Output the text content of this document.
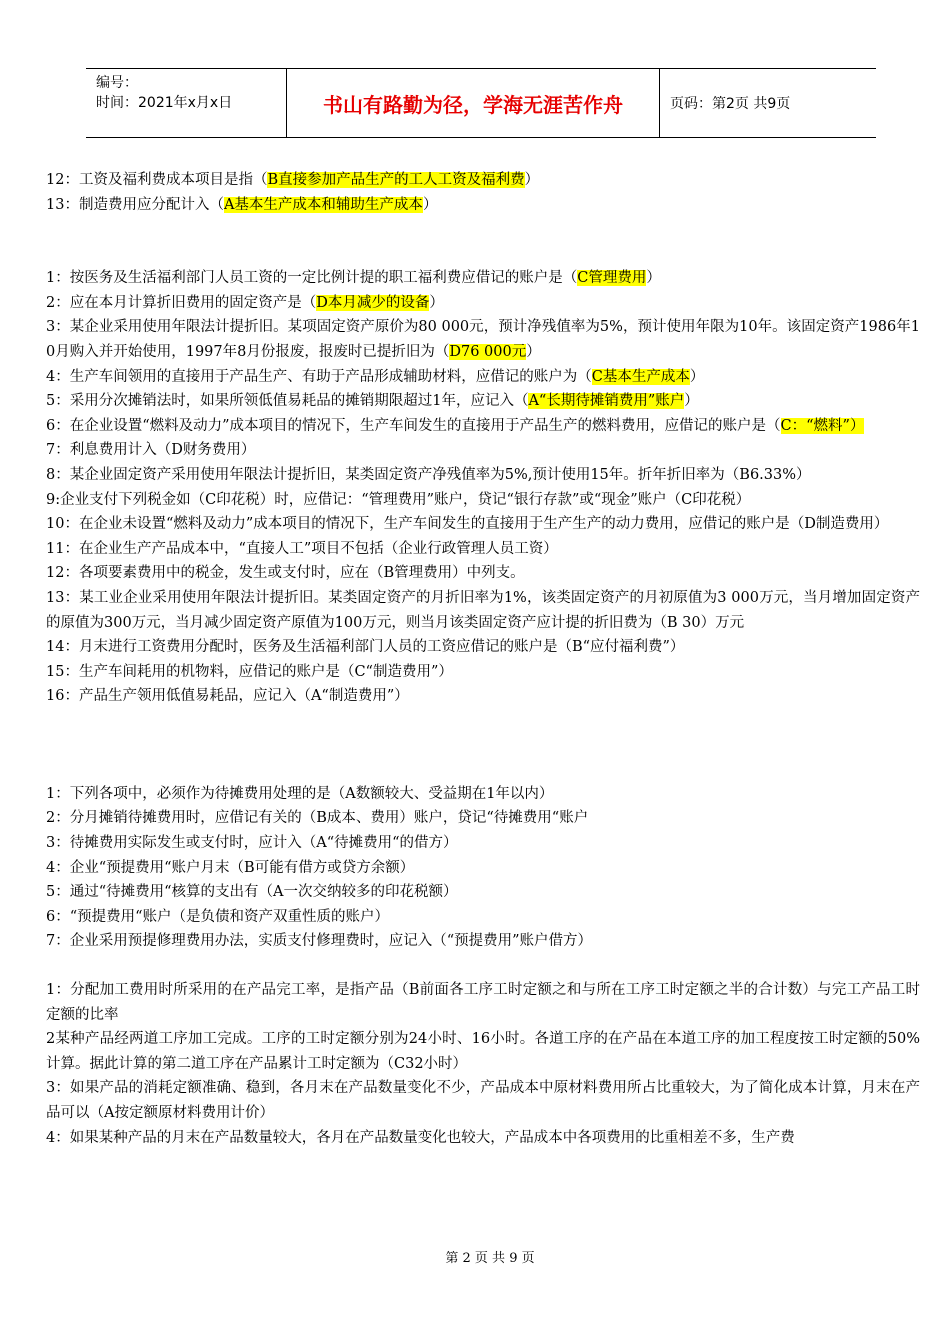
编号：
时间：2021年x月x日	书山有路勤为径，学海无涯苦作舟	页码：第2页 共9页

12：工资及福利费成本项目是指（B直接参加产品生产的工人工资及福利费）

13：制造费用应分配计入（A基本生产成本和辅助生产成本）

1：按医务及生活福利部门人员工资的一定比例计提的职工福利费应借记的账户是（C管理费用）

2：应在本月计算折旧费用的固定资产是（D本月减少的设备）

3：某企业采用使用年限法计提折旧。某项固定资产原价为80 000元，预计净残值率为5%，预计使用年限为10年。该固定资产1986年10月购入并开始使用，1997年8月份报废，报废时已提折旧为（D76 000元）

4：生产车间领用的直接用于产品生产、有助于产品形成辅助材料，应借记的账户为（C基本生产成本）

5：采用分次摊销法时，如果所领低值易耗品的摊销期限超过1年，应记入（A“长期待摊销费用”账户）

6：在企业设置“燃料及动力”成本项目的情况下，生产车间发生的直接用于产品生产的燃料费用，应借记的账户是（C：“燃料”）

7：利息费用计入（D财务费用）

8：某企业固定资产采用使用年限法计提折旧，某类固定资产净残值率为5%,预计使用15年。折年折旧率为（B6.33%）

9:企业支付下列税金如（C印花税）时，应借记：“管理费用”账户，贷记“银行存款”或“现金”账户（C印花税）

10：在企业未设置“燃料及动力”成本项目的情况下，生产车间发生的直接用于生产生产的动力费用，应借记的账户是（D制造费用）

11：在企业生产产品成本中，“直接人工”项目不包括（企业行政管理人员工资）

12：各项要素费用中的税金，发生或支付时，应在（B管理费用）中列支。

13：某工业企业采用使用年限法计提折旧。某类固定资产的月折旧率为1%，该类固定资产的月初原值为3 000万元，当月增加固定资产的原值为300万元，当月减少固定资产原值为100万元，则当月该类固定资产应计提的折旧费为（B 30）万元

14：月末进行工资费用分配时，医务及生活福利部门人员的工资应借记的账户是（B“应付福利费”）

15：生产车间耗用的机物料，应借记的账户是（C“制造费用”）

16：产品生产领用低值易耗品，应记入（A“制造费用”）

1：下列各项中，必须作为待摊费用处理的是（A数额较大、受益期在1年以内）

2：分月摊销待摊费用时，应借记有关的（B成本、费用）账户，贷记“待摊费用“账户

3：待摊费用实际发生或支付时，应计入（A“待摊费用“的借方）

4：企业“预提费用“账户月末（B可能有借方或贷方余额）

5：通过“待摊费用“核算的支出有（A一次交纳较多的印花税额）

6：“预提费用“账户（是负债和资产双重性质的账户）

7：企业采用预提修理费用办法，实质支付修理费时，应记入（“预提费用”账户借方）

1：分配加工费用时所采用的在产品完工率，是指产品（B前面各工序工时定额之和与所在工序工时定额之半的合计数）与完工产品工时定额的比率

2某种产品经两道工序加工完成。工序的工时定额分别为24小时、16小时。各道工序的在产品在本道工序的加工程度按工时定额的50%计算。据此计算的第二道工序在产品累计工时定额为（C32小时）

3：如果产品的消耗定额准确、稳到，各月末在产品数量变化不少，产品成本中原材料费用所占比重较大，为了简化成本计算，月末在产品可以（A按定额原材料费用计价）

4：如果某种产品的月末在产品数量较大，各月在产品数量变化也较大，产品成本中各项费用的比重相差不多，生产费

第 2 页 共 9 页
